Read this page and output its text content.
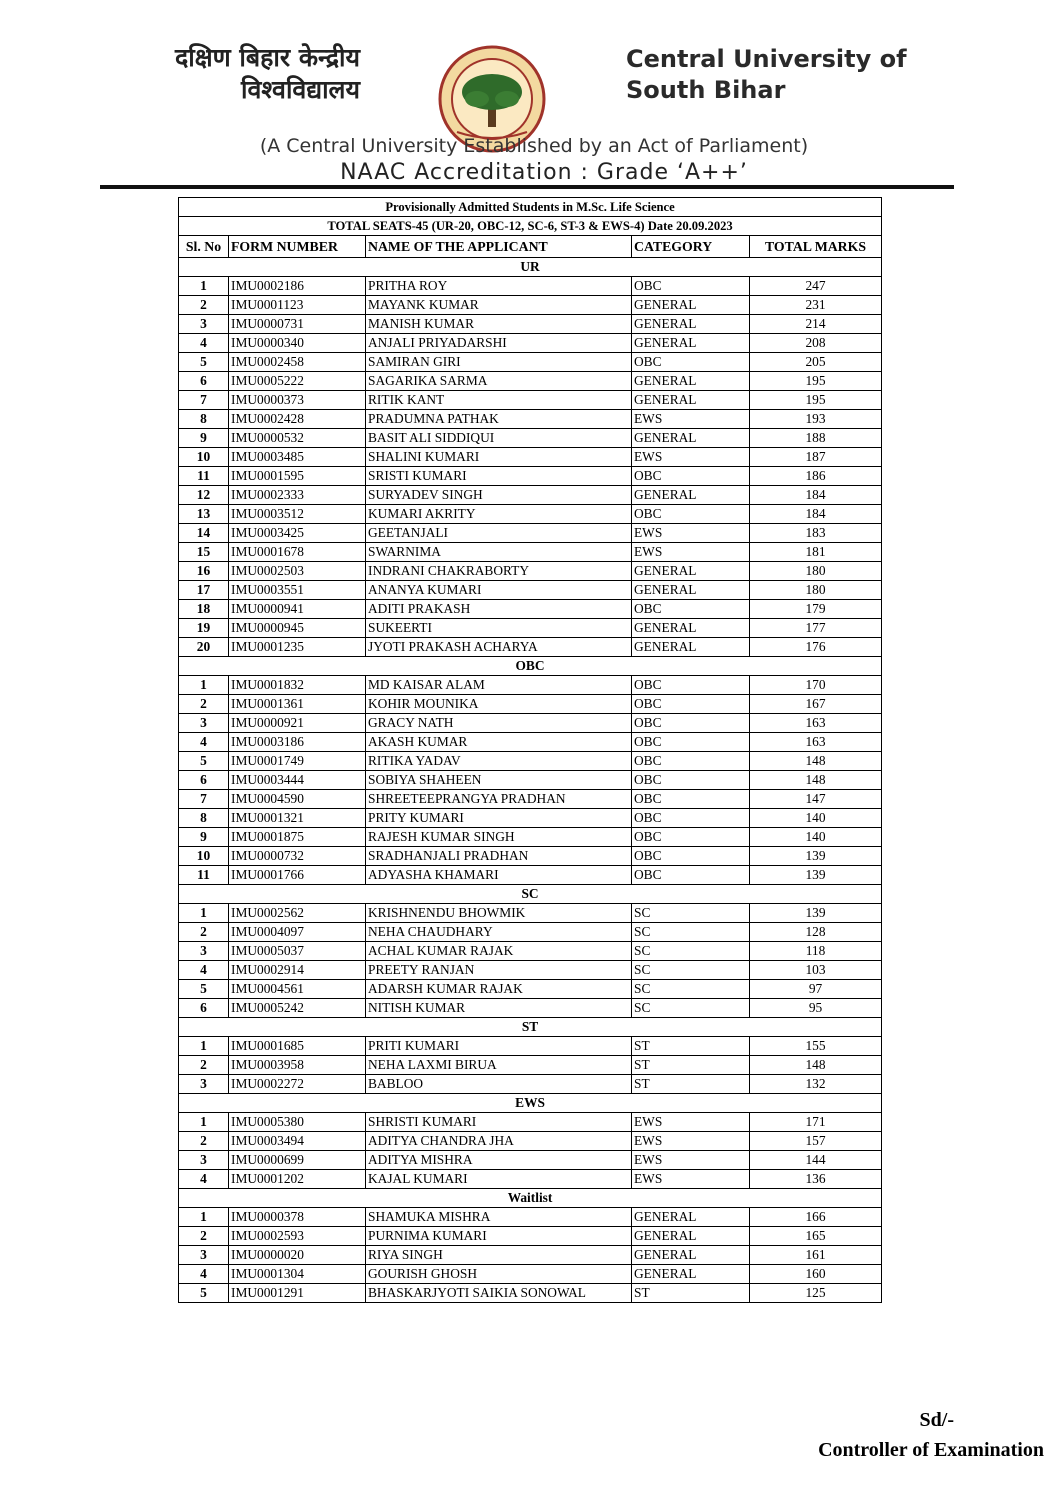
दक्षिण बिहार केन्द्रीय
विश्वविद्यालय
Central University of
South Bihar
(A Central University Established by an Act of Parliament)
NAAC Accreditation : Grade ‘A++’
Provisionally Admitted Students in M.Sc. Life Science				
TOTAL SEATS-45 (UR-20, OBC-12, SC-6, ST-3 & EWS-4) Date 20.09.2023				
Sl. No	FORM NUMBER	NAME OF THE APPLICANT	CATEGORY	TOTAL MARKS
UR				
1	IMU0002186	PRITHA ROY	OBC	247
2	IMU0001123	MAYANK KUMAR	GENERAL	231
3	IMU0000731	MANISH KUMAR	GENERAL	214
4	IMU0000340	ANJALI PRIYADARSHI	GENERAL	208
5	IMU0002458	SAMIRAN GIRI	OBC	205
6	IMU0005222	SAGARIKA SARMA	GENERAL	195
7	IMU0000373	RITIK KANT	GENERAL	195
8	IMU0002428	PRADUMNA PATHAK	EWS	193
9	IMU0000532	BASIT ALI SIDDIQUI	GENERAL	188
10	IMU0003485	SHALINI KUMARI	EWS	187
11	IMU0001595	SRISTI KUMARI	OBC	186
12	IMU0002333	SURYADEV SINGH	GENERAL	184
13	IMU0003512	KUMARI AKRITY	OBC	184
14	IMU0003425	GEETANJALI	EWS	183
15	IMU0001678	SWARNIMA	EWS	181
16	IMU0002503	INDRANI CHAKRABORTY	GENERAL	180
17	IMU0003551	ANANYA KUMARI	GENERAL	180
18	IMU0000941	ADITI PRAKASH	OBC	179
19	IMU0000945	SUKEERTI	GENERAL	177
20	IMU0001235	JYOTI PRAKASH ACHARYA	GENERAL	176
OBC				
1	IMU0001832	MD KAISAR ALAM	OBC	170
2	IMU0001361	KOHIR MOUNIKA	OBC	167
3	IMU0000921	GRACY NATH	OBC	163
4	IMU0003186	AKASH KUMAR	OBC	163
5	IMU0001749	RITIKA YADAV	OBC	148
6	IMU0003444	SOBIYA SHAHEEN	OBC	148
7	IMU0004590	SHREETEEPRANGYA PRADHAN	OBC	147
8	IMU0001321	PRITY KUMARI	OBC	140
9	IMU0001875	RAJESH KUMAR SINGH	OBC	140
10	IMU0000732	SRADHANJALI PRADHAN	OBC	139
11	IMU0001766	ADYASHA KHAMARI	OBC	139
SC				
1	IMU0002562	KRISHNENDU BHOWMIK	SC	139
2	IMU0004097	NEHA CHAUDHARY	SC	128
3	IMU0005037	ACHAL KUMAR RAJAK	SC	118
4	IMU0002914	PREETY RANJAN	SC	103
5	IMU0004561	ADARSH KUMAR RAJAK	SC	97
6	IMU0005242	NITISH KUMAR	SC	95
ST				
1	IMU0001685	PRITI KUMARI	ST	155
2	IMU0003958	NEHA LAXMI BIRUA	ST	148
3	IMU0002272	BABLOO	ST	132
EWS				
1	IMU0005380	SHRISTI KUMARI	EWS	171
2	IMU0003494	ADITYA CHANDRA JHA	EWS	157
3	IMU0000699	ADITYA MISHRA	EWS	144
4	IMU0001202	KAJAL KUMARI	EWS	136
Waitlist				
1	IMU0000378	SHAMUKA MISHRA	GENERAL	166
2	IMU0002593	PURNIMA KUMARI	GENERAL	165
3	IMU0000020	RIYA SINGH	GENERAL	161
4	IMU0001304	GOURISH GHOSH	GENERAL	160
5	IMU0001291	BHASKARJYOTI SAIKIA SONOWAL	ST	125
Sd/-
Controller of Examination
